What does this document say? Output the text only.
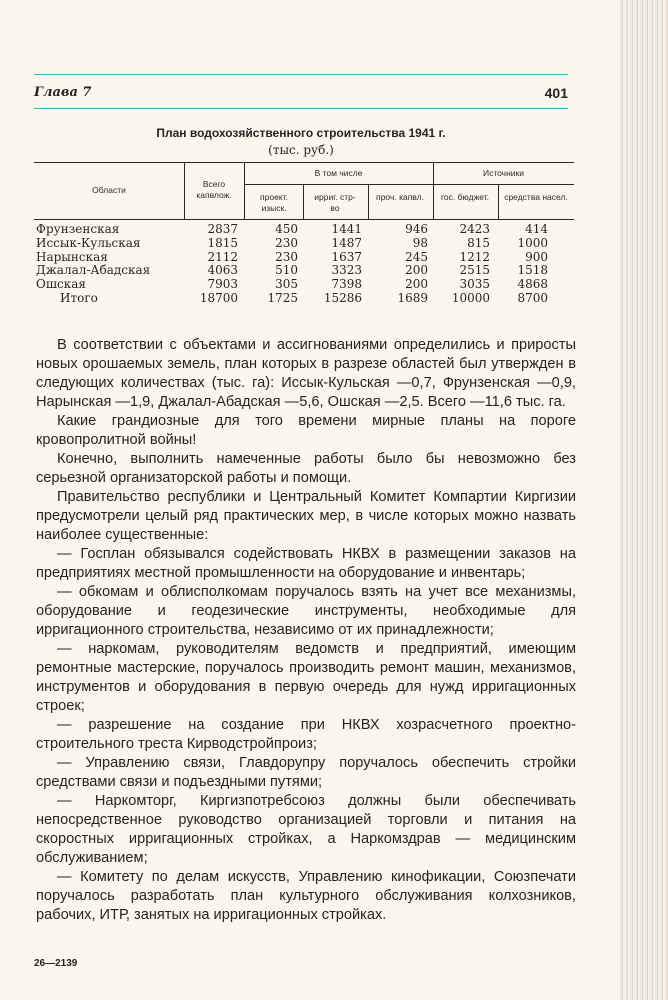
Глава 7	401
План водохозяйственного строительства 1941 г.
(тыс. руб.)
Области
Всего капвлож.
В том числе	Источники
проект. изыск.
ирриг. стр-во
проч. капвл.	гос. бюджет.	средства насел.
Фрунзенская	2837	450	1441	946	2423	414
Иссык-Кульская	1815	230	1487	98	815	1000
Нарынская	2112	230	1637	245	1212	900
Джалал-Абадская	4063	510	3323	200	2515	1518
Ошская	7903	305	7398	200	3035	4868
Итого	18700	1725	15286	1689	10000	8700

В соответствии с объектами и ассигнованиями определились и приросты новых орошаемых земель, план которых в разрезе областей был утвержден в следующих количествах (тыс. га): Иссык-Кульская —0,7, Фрунзенская —0,9, Нарынская —1,9, Джалал-Абадская —5,6, Ошская —2,5. Всего —11,6 тыс. га.

Какие грандиозные для того времени мирные планы на пороге кровопролитной войны!

Конечно, выполнить намеченные работы было бы невозможно без серьезной организаторской работы и помощи.

Правительство республики и Центральный Комитет Компартии Киргизии предусмотрели целый ряд практических мер, в числе которых можно назвать наиболее существенные:

— Госплан обязывался содействовать НКВХ в размещении заказов на предприятиях местной промышленности на оборудование и инвентарь;

— обкомам и облисполкомам поручалось взять на учет все механизмы, оборудование и геодезические инструменты, необходимые для ирригационного строительства, независимо от их принадлежности;

— наркомам, руководителям ведомств и предприятий, имеющим ремонтные мастерские, поручалось производить ремонт машин, механизмов, инструментов и оборудования в первую очередь для нужд ирригационных строек;

— разрешение на создание при НКВХ хозрасчетного проектно-строительного треста Кирводстройпроиз;

— Управлению связи, Главдорупру поручалось обеспечить стройки средствами связи и подъездными путями;

— Наркомторг, Киргизпотребсоюз должны были обеспечивать непосредственное руководство организацией торговли и питания на скоростных ирригационных стройках, а Наркомздрав — медицинским обслуживанием;

— Комитету по делам искусств, Управлению кинофикации, Союзпечати поручалось разработать план культурного обслуживания колхозников, рабочих, ИТР, занятых на ирригационных стройках.

26—2139
